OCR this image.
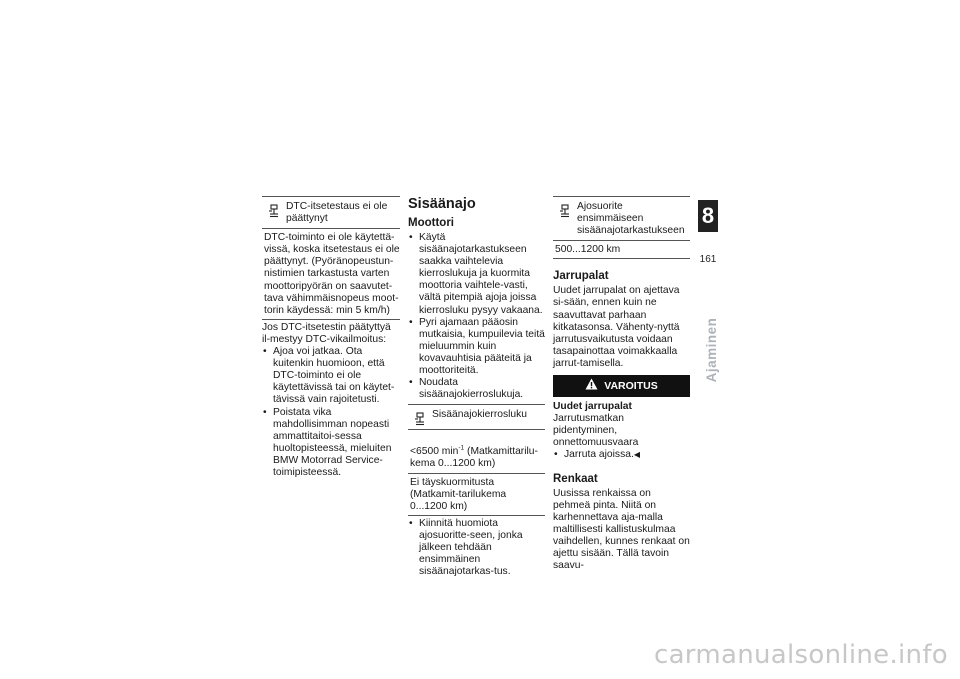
DTC-itsetestaus ei ole päättynyt
DTC-toiminto ei ole käytettä-vissä, koska itsetestaus ei ole päättynyt. (Pyöränopeustun-nistimien tarkastusta varten moottoripyörän on saavutet-tava vähimmäisnopeus moot-torin käydessä: min 5 km/h)

Jos DTC-itsetestin päätyttyä il-mestyy DTC-vikailmoitus:

• Ajoa voi jatkaa. Ota kuitenkin huomioon, että DTC-toiminto ei ole käytettävissä tai on käytet-tävissä vain rajoitetusti.
• Poistata vika mahdollisimman nopeasti ammattitaitoi-sessa huoltopisteessä, mieluiten BMW Motorrad Service-toimipisteessä.
Sisäänajo
Moottori
• Käytä sisäänajotarkastukseen saakka vaihtelevia kierroslukuja ja kuormita moottoria vaihtele-vasti, vältä pitempiä ajoja joissa kierrosluku pysyy vakaana.
• Pyri ajamaan pääosin mutkaisia, kumpuilevia teitä mieluummin kuin kovavauhtisia pääteitä ja moottoriteitä.
• Noudata sisäänajokierroslukuja.
Sisäänajokierrosluku
<6500 $\min^{-1}$ (Matkamittarilu-kema 0...1200 km)
Ei täyskuormitusta (Matkamit-tarilukema 0...1200 km)
• Kiinnitä huomiota ajosuoritte-seen, jonka jälkeen tehdään ensimmäinen sisäänajotarkas-tus.
Ajosuorite ensimmäiseen sisäänajotarkastukseen
500...1200 km
Jarrupalat

Uudet jarrupalat on ajettava si-sään, ennen kuin ne saavuttavat parhaan kitkatasonsa. Vähenty-nyttä jarrutusvaikutusta voidaan tasapainottaa voimakkaalla jarrut-tamisella.

VAROITUS
Uudet jarrupalat

Jarrutusmatkan pidentyminen, onnettomuusvaara

• Jarruta ajoissa.◀
Renkaat

Uusissa renkaissa on pehmeä pinta. Niitä on karhennettava aja-malla maltillisesti kallistuskulmaa vaihdellen, kunnes renkaat on ajettu sisään. Tällä tavoin saavu-

8
161
Ajaminen
carmanualsonline.info
